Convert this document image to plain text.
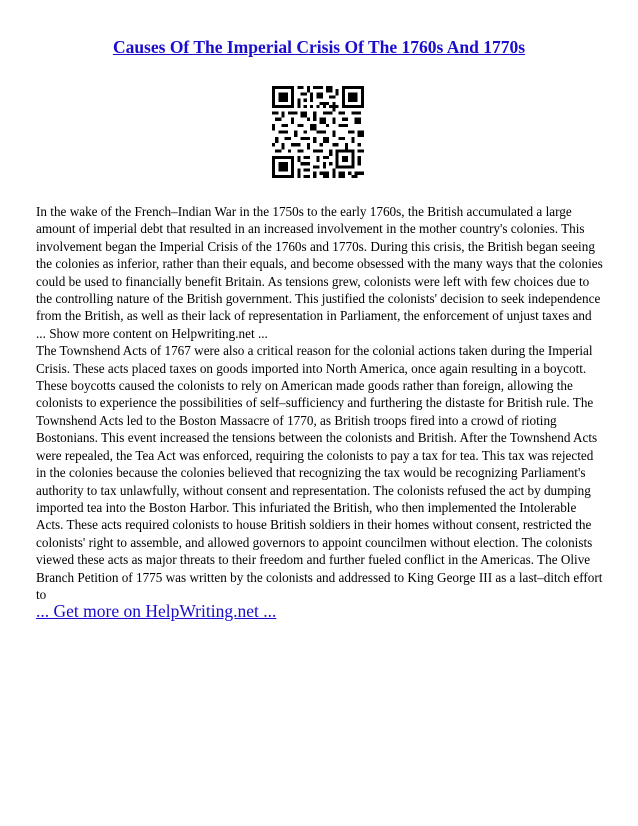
Causes Of The Imperial Crisis Of The 1760s And 1770s

In the wake of the French–Indian War in the 1750s to the early 1760s, the British accumulated a large amount of imperial debt that resulted in an increased involvement in the mother country's colonies. This involvement began the Imperial Crisis of the 1760s and 1770s. During this crisis, the British began seeing the colonies as inferior, rather than their equals, and become obsessed with the many ways that the colonies could be used to financially benefit Britain. As tensions grew, colonists were left with few choices due to the controlling nature of the British government. This justified the colonists' decision to seek independence from the British, as well as their lack of representation in Parliament, the enforcement of unjust taxes and ... Show more content on Helpwriting.net ...

The Townshend Acts of 1767 were also a critical reason for the colonial actions taken during the Imperial Crisis. These acts placed taxes on goods imported into North America, once again resulting in a boycott. These boycotts caused the colonists to rely on American made goods rather than foreign, allowing the colonists to experience the possibilities of self–sufficiency and furthering the distaste for British rule. The Townshend Acts led to the Boston Massacre of 1770, as British troops fired into a crowd of rioting Bostonians. This event increased the tensions between the colonists and British. After the Townshend Acts were repealed, the Tea Act was enforced, requiring the colonists to pay a tax for tea. This tax was rejected in the colonies because the colonies believed that recognizing the tax would be recognizing Parliament's authority to tax unlawfully, without consent and representation. The colonists refused the act by dumping imported tea into the Boston Harbor. This infuriated the British, who then implemented the Intolerable Acts. These acts required colonists to house British soldiers in their homes without consent, restricted the colonists' right to assemble, and allowed governors to appoint councilmen without election. The colonists viewed these acts as major threats to their freedom and further fueled conflict in the Americas. The Olive Branch Petition of 1775 was written by the colonists and addressed to King George III as a last–ditch effort to

... Get more on HelpWriting.net ...
